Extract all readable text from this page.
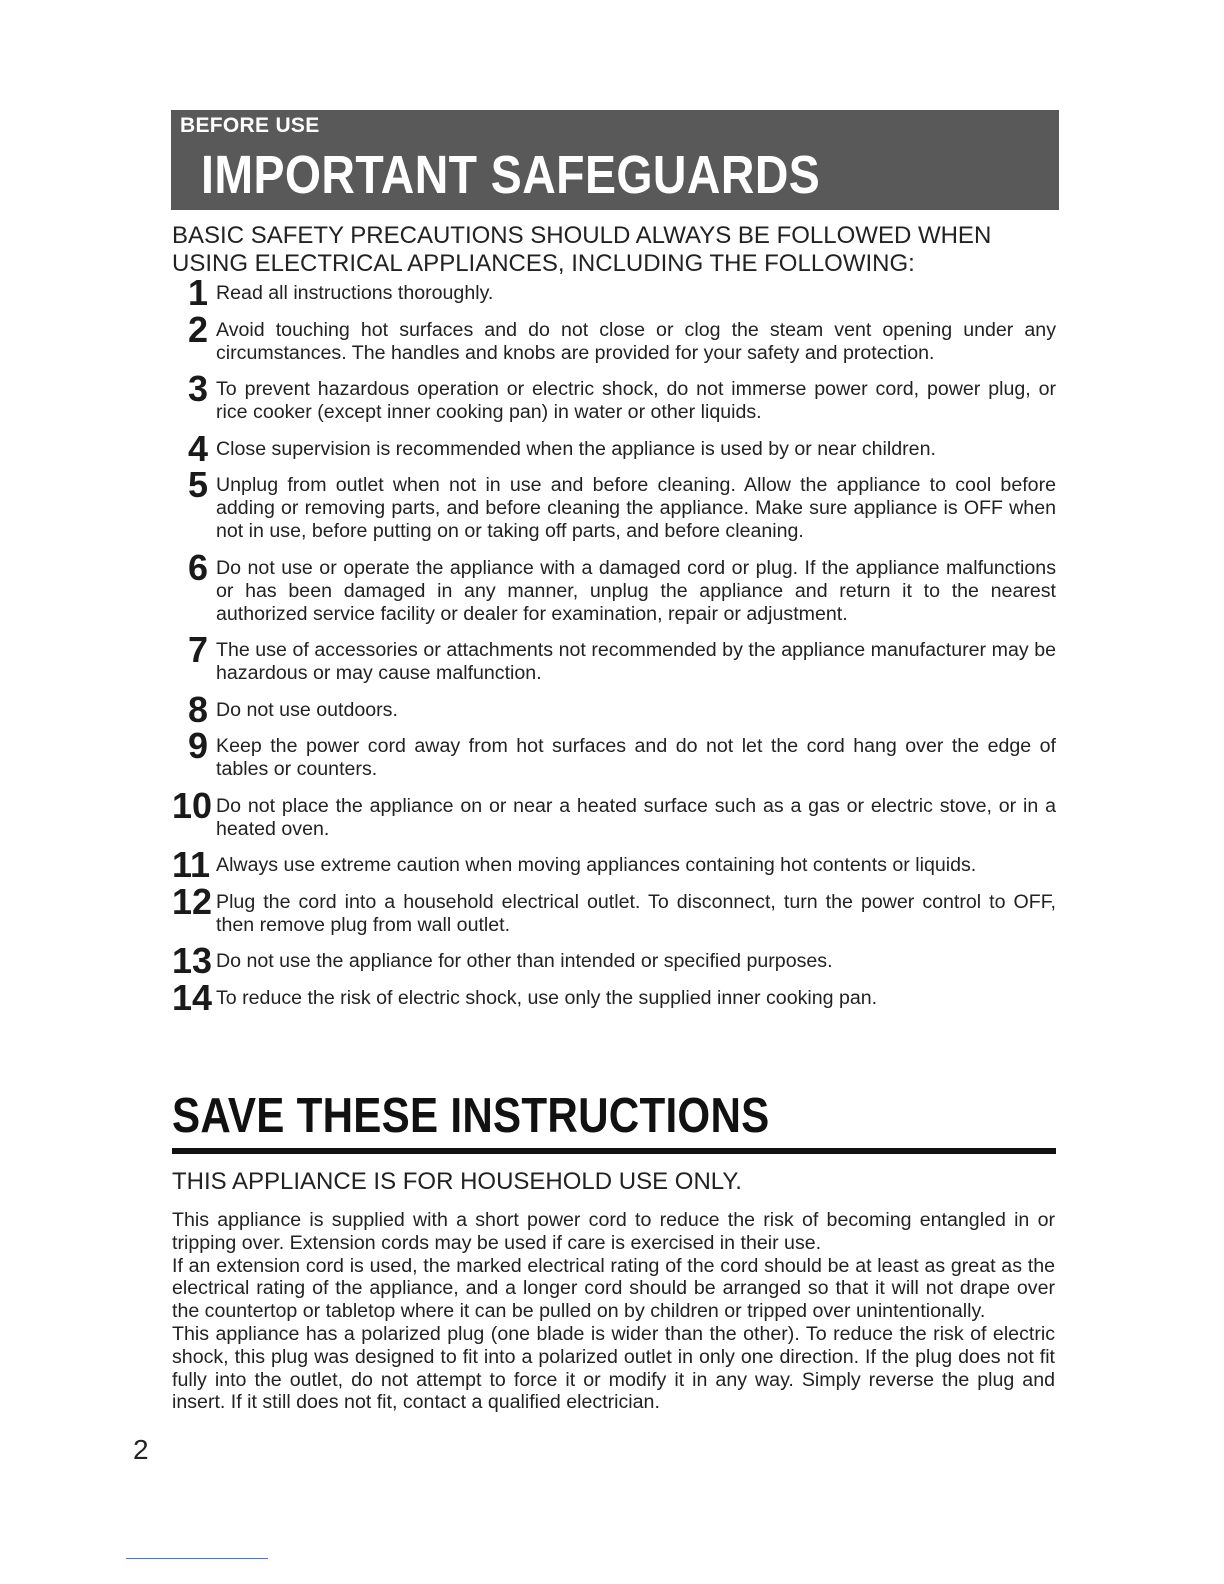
BEFORE USE
IMPORTANT SAFEGUARDS
BASIC SAFETY PRECAUTIONS SHOULD ALWAYS BE FOLLOWED WHEN USING ELECTRICAL APPLIANCES, INCLUDING THE FOLLOWING:
1 Read all instructions thoroughly.
2 Avoid touching hot surfaces and do not close or clog the steam vent opening under any circumstances. The handles and knobs are provided for your safety and protection.
3 To prevent hazardous operation or electric shock, do not immerse power cord, power plug, or rice cooker (except inner cooking pan) in water or other liquids.
4 Close supervision is recommended when the appliance is used by or near children.
5 Unplug from outlet when not in use and before cleaning. Allow the appliance to cool before adding or removing parts, and before cleaning the appliance. Make sure appliance is OFF when not in use, before putting on or taking off parts, and before cleaning.
6 Do not use or operate the appliance with a damaged cord or plug. If the appliance malfunctions or has been damaged in any manner, unplug the appliance and return it to the nearest authorized service facility or dealer for examination, repair or adjustment.
7 The use of accessories or attachments not recommended by the appliance manufacturer may be hazardous or may cause malfunction.
8 Do not use outdoors.
9 Keep the power cord away from hot surfaces and do not let the cord hang over the edge of tables or counters.
10 Do not place the appliance on or near a heated surface such as a gas or electric stove, or in a heated oven.
11 Always use extreme caution when moving appliances containing hot contents or liquids.
12 Plug the cord into a household electrical outlet. To disconnect, turn the power control to OFF, then remove plug from wall outlet.
13 Do not use the appliance for other than intended or specified purposes.
14 To reduce the risk of electric shock, use only the supplied inner cooking pan.
SAVE THESE INSTRUCTIONS
THIS APPLIANCE IS FOR HOUSEHOLD USE ONLY.

This appliance is supplied with a short power cord to reduce the risk of becoming entangled in or tripping over. Extension cords may be used if care is exercised in their use.

If an extension cord is used, the marked electrical rating of the cord should be at least as great as the electrical rating of the appliance, and a longer cord should be arranged so that it will not drape over the countertop or tabletop where it can be pulled on by children or tripped over unintentionally.

This appliance has a polarized plug (one blade is wider than the other). To reduce the risk of electric shock, this plug was designed to fit into a polarized outlet in only one direction. If the plug does not fit fully into the outlet, do not attempt to force it or modify it in any way. Simply reverse the plug and insert. If it still does not fit, contact a qualified electrician.

2
